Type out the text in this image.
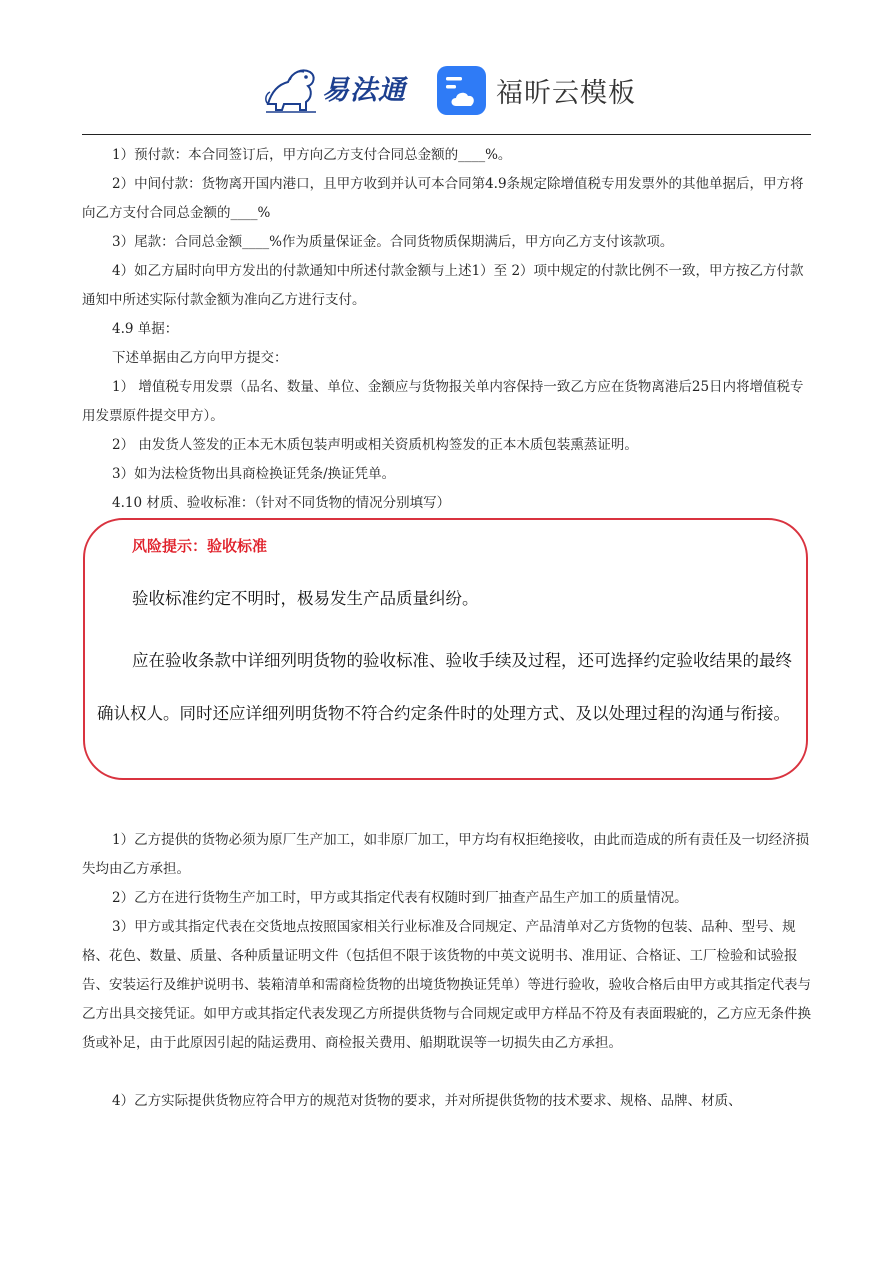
易法通	福昕云模板

1）预付款：本合同签订后，甲方向乙方支付合同总金额的____%。

2）中间付款：货物离开国内港口，且甲方收到并认可本合同第4.9条规定除增值税专用发票外的其他单据后，甲方将向乙方支付合同总金额的____%

3）尾款：合同总金额____%作为质量保证金。合同货物质保期满后，甲方向乙方支付该款项。

4）如乙方届时向甲方发出的付款通知中所述付款金额与上述1）至 2）项中规定的付款比例不一致，甲方按乙方付款通知中所述实际付款金额为准向乙方进行支付。

4.9 单据：

下述单据由乙方向甲方提交：

1） 增值税专用发票（品名、数量、单位、金额应与货物报关单内容保持一致乙方应在货物离港后25日内将增值税专用发票原件提交甲方）。

2） 由发货人签发的正本无木质包装声明或相关资质机构签发的正本木质包装熏蒸证明。

3）如为法检货物出具商检换证凭条/换证凭单。

4.10 材质、验收标准：（针对不同货物的情况分别填写）

风险提示：验收标准

验收标准约定不明时，极易发生产品质量纠纷。

应在验收条款中详细列明货物的验收标准、验收手续及过程，还可选择约定验收结果的最终确认权人。同时还应详细列明货物不符合约定条件时的处理方式、及以处理过程的沟通与衔接。

1）乙方提供的货物必须为原厂生产加工，如非原厂加工，甲方均有权拒绝接收，由此而造成的所有责任及一切经济损失均由乙方承担。

2）乙方在进行货物生产加工时，甲方或其指定代表有权随时到厂抽查产品生产加工的质量情况。

3）甲方或其指定代表在交货地点按照国家相关行业标准及合同规定、产品清单对乙方货物的包装、品种、型号、规格、花色、数量、质量、各种质量证明文件（包括但不限于该货物的中英文说明书、准用证、合格证、工厂检验和试验报告、安装运行及维护说明书、装箱清单和需商检货物的出境货物换证凭单）等进行验收，验收合格后由甲方或其指定代表与乙方出具交接凭证。如甲方或其指定代表发现乙方所提供货物与合同规定或甲方样品不符及有表面瑕疵的，乙方应无条件换货或补足，由于此原因引起的陆运费用、商检报关费用、船期耽误等一切损失由乙方承担。

4）乙方实际提供货物应符合甲方的规范对货物的要求，并对所提供货物的技术要求、规格、品牌、材质、
